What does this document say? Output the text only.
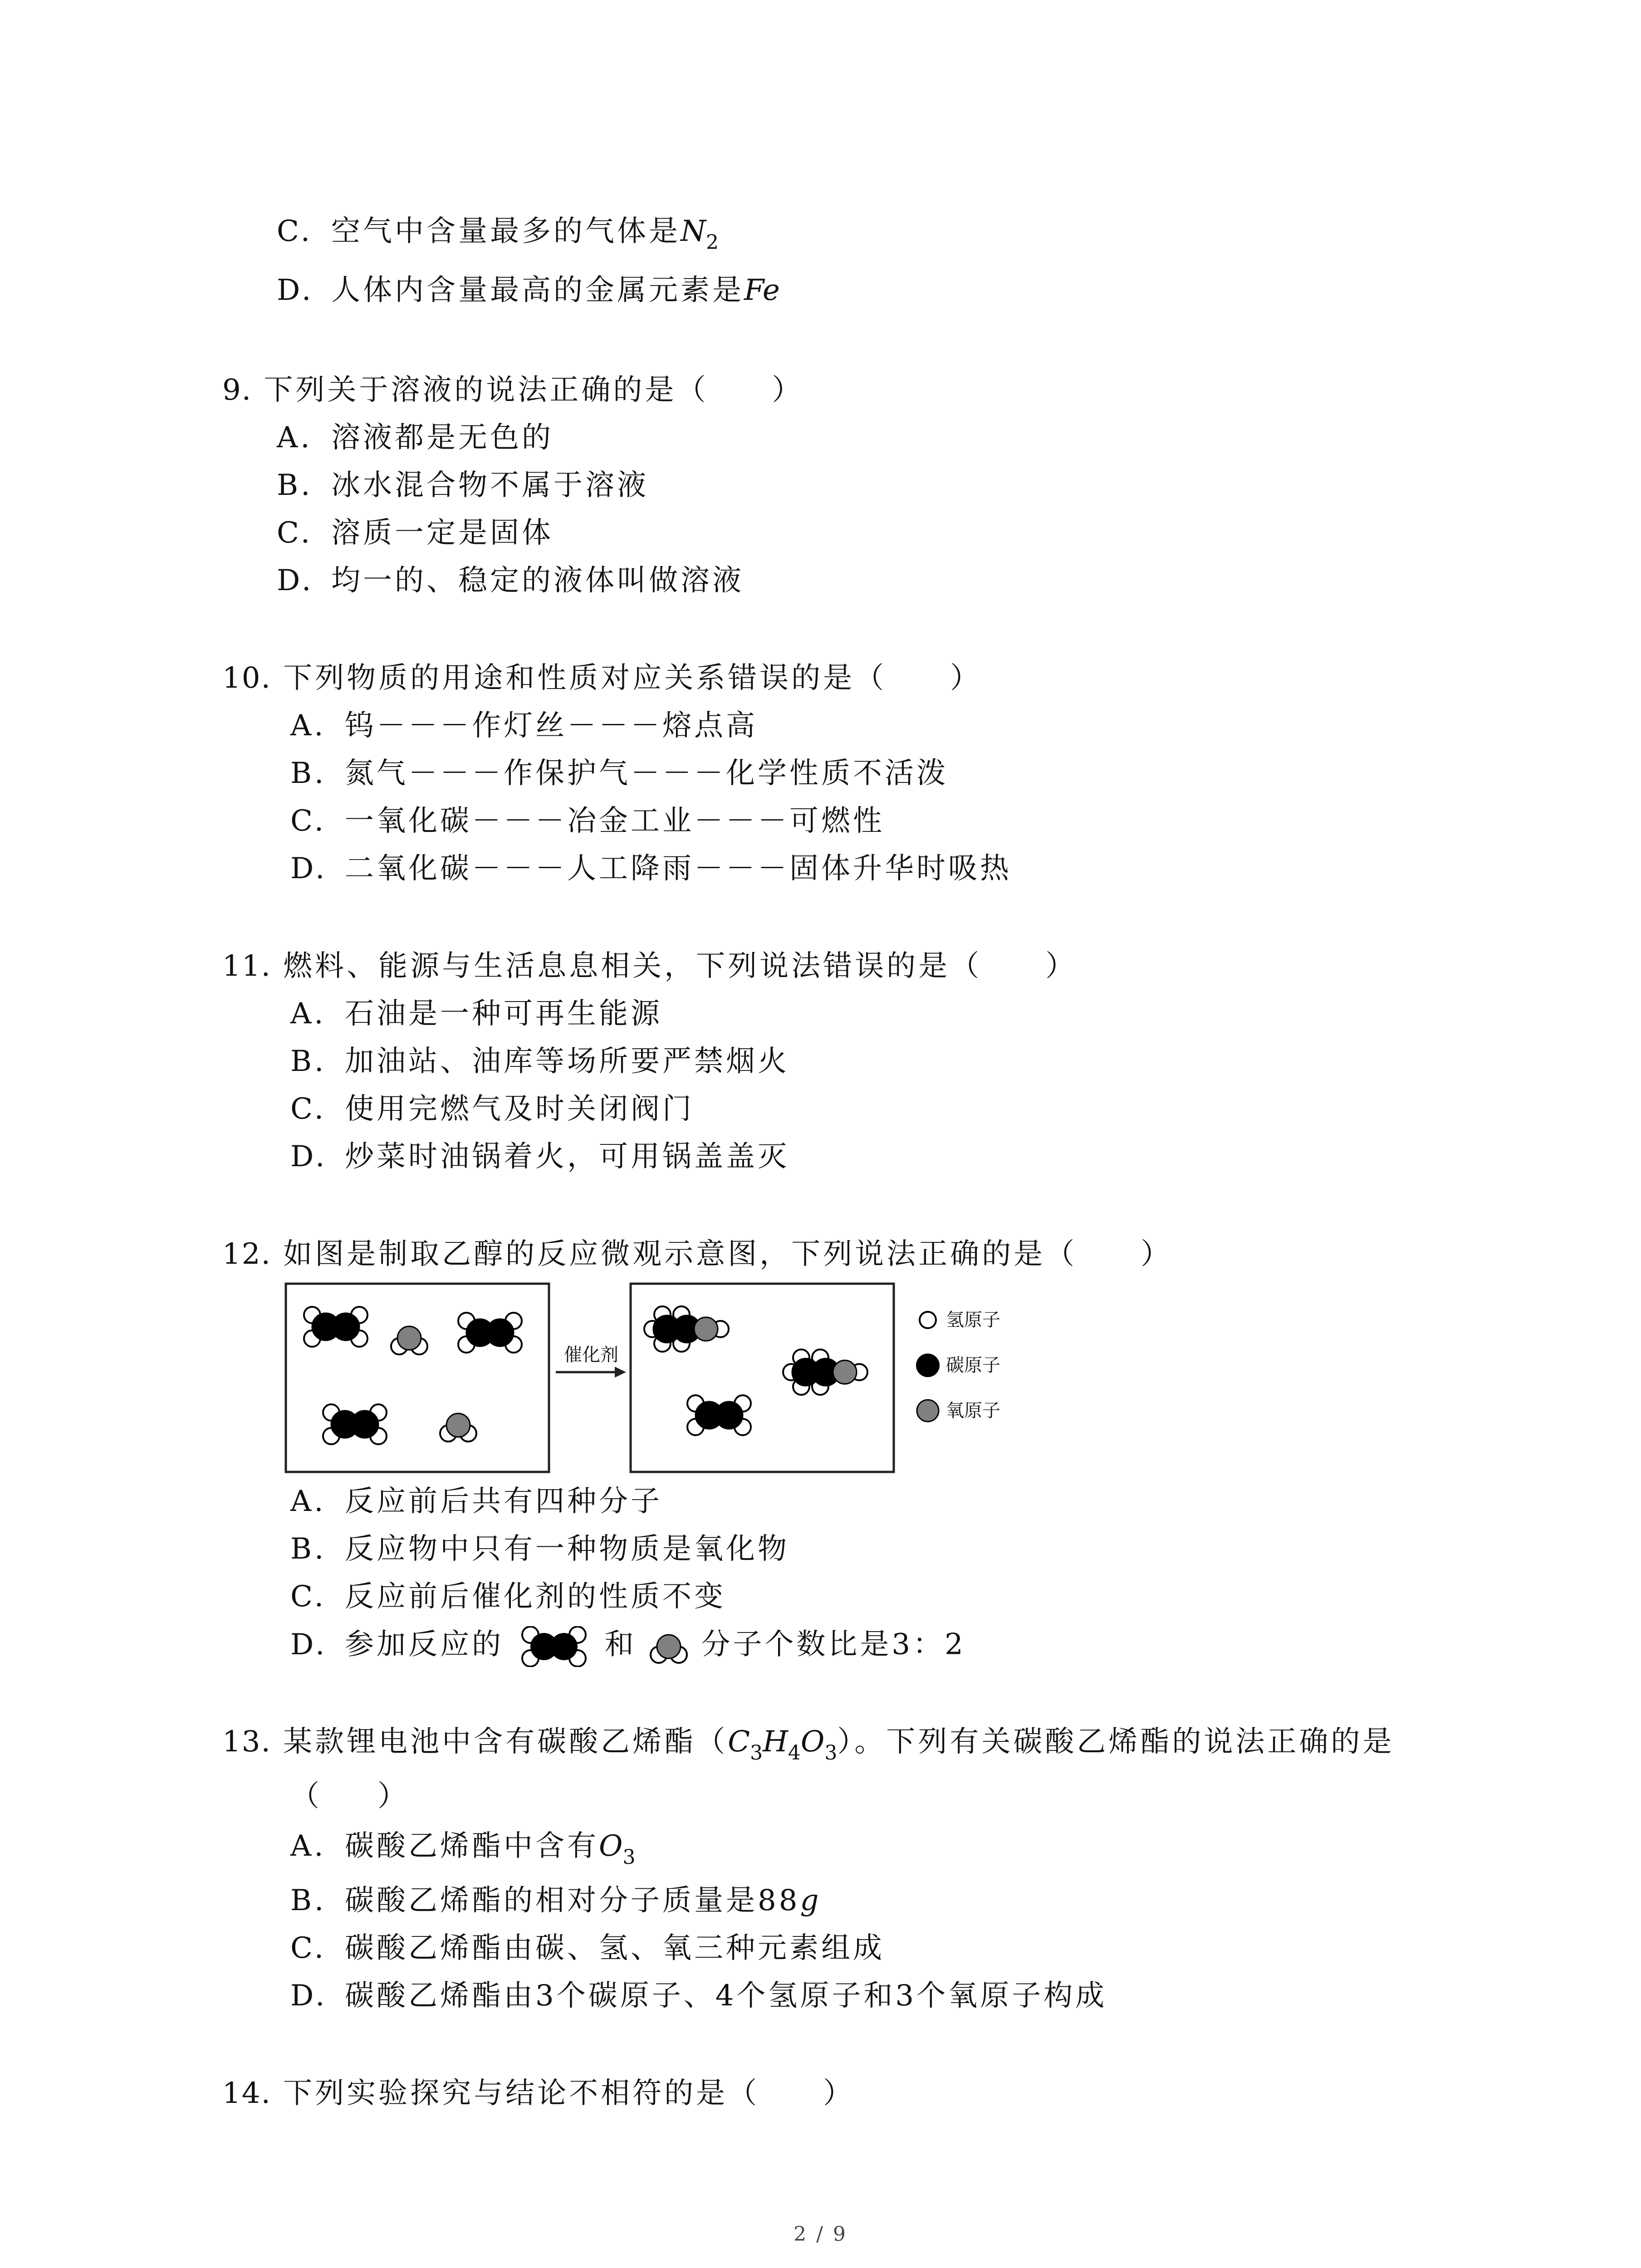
C. 空气中含量最多的气体是$N_2$
D. 人体内含量最高的金属元素是Fe
9. 下列关于溶液的说法正确的是（　　）
A. 溶液都是无色的
B. 冰水混合物不属于溶液
C. 溶质一定是固体
D. 均一的、稳定的液体叫做溶液
10. 下列物质的用途和性质对应关系错误的是（　　）
A. 钨－－－作灯丝－－－熔点高
B. 氮气－－－作保护气－－－化学性质不活泼
C. 一氧化碳－－－冶金工业－－－可燃性
D. 二氧化碳－－－人工降雨－－－固体升华时吸热
11. 燃料、能源与生活息息相关，下列说法错误的是（　　）
A. 石油是一种可再生能源
B. 加油站、油库等场所要严禁烟火
C. 使用完燃气及时关闭阀门
D. 炒菜时油锅着火，可用锅盖盖灭
12. 如图是制取乙醇的反应微观示意图，下列说法正确的是（　　）
催化剂
氢原子
碳原子
氧原子
A. 反应前后共有四种分子
B. 反应物中只有一种物质是氧化物
C. 反应前后催化剂的性质不变
D. 参加反应的	和 分子个数比是3：2
13. 某款锂电池中含有碳酸乙烯酯$(C_3H_4O_3)$。下列有关碳酸乙烯酯的说法正确的是
（　　）
A. 碳酸乙烯酯中含有$O_3$
B. 碳酸乙烯酯的相对分子质量是88g
C. 碳酸乙烯酯由碳、氢、氧三种元素组成
D. 碳酸乙烯酯由3个碳原子、4个氢原子和3个氧原子构成
14. 下列实验探究与结论不相符的是（　　）
2 / 9
